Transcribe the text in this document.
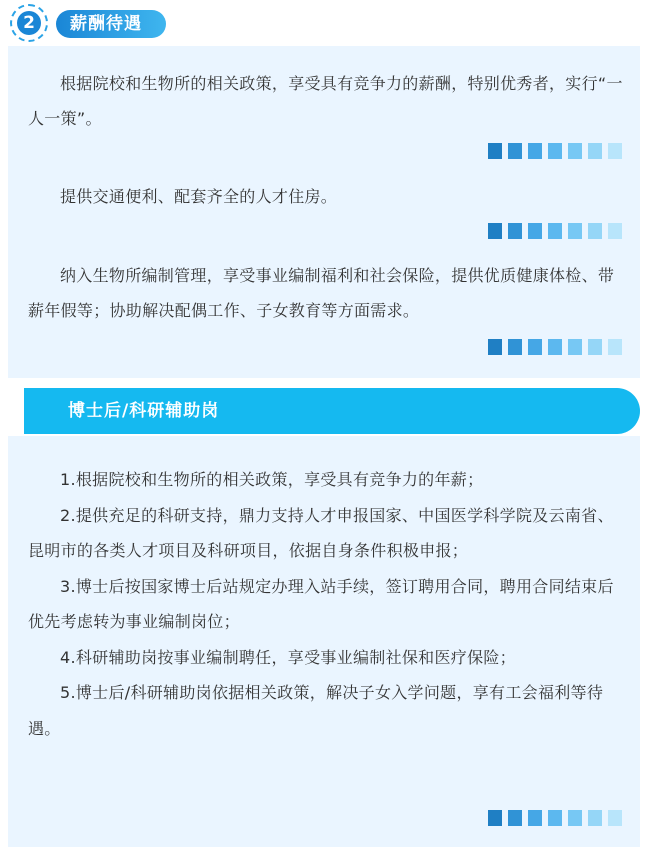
2	薪酬待遇

根据院校和生物所的相关政策，享受具有竞争力的薪酬，特别优秀者，实行“一人一策”。

提供交通便利、配套齐全的人才住房。

纳入生物所编制管理，享受事业编制福利和社会保险，提供优质健康体检、带薪年假等；协助解决配偶工作、子女教育等方面需求。

博士后/科研辅助岗
1.根据院校和生物所的相关政策，享受具有竞争力的年薪；
2.提供充足的科研支持，鼎力支持人才申报国家、中国医学科学院及云南省、昆明市的各类人才项目及科研项目，依据自身条件积极申报；
3.博士后按国家博士后站规定办理入站手续，签订聘用合同，聘用合同结束后优先考虑转为事业编制岗位；
4.科研辅助岗按事业编制聘任，享受事业编制社保和医疗保险；
5.博士后/科研辅助岗依据相关政策，解决子女入学问题，享有工会福利等待遇。
